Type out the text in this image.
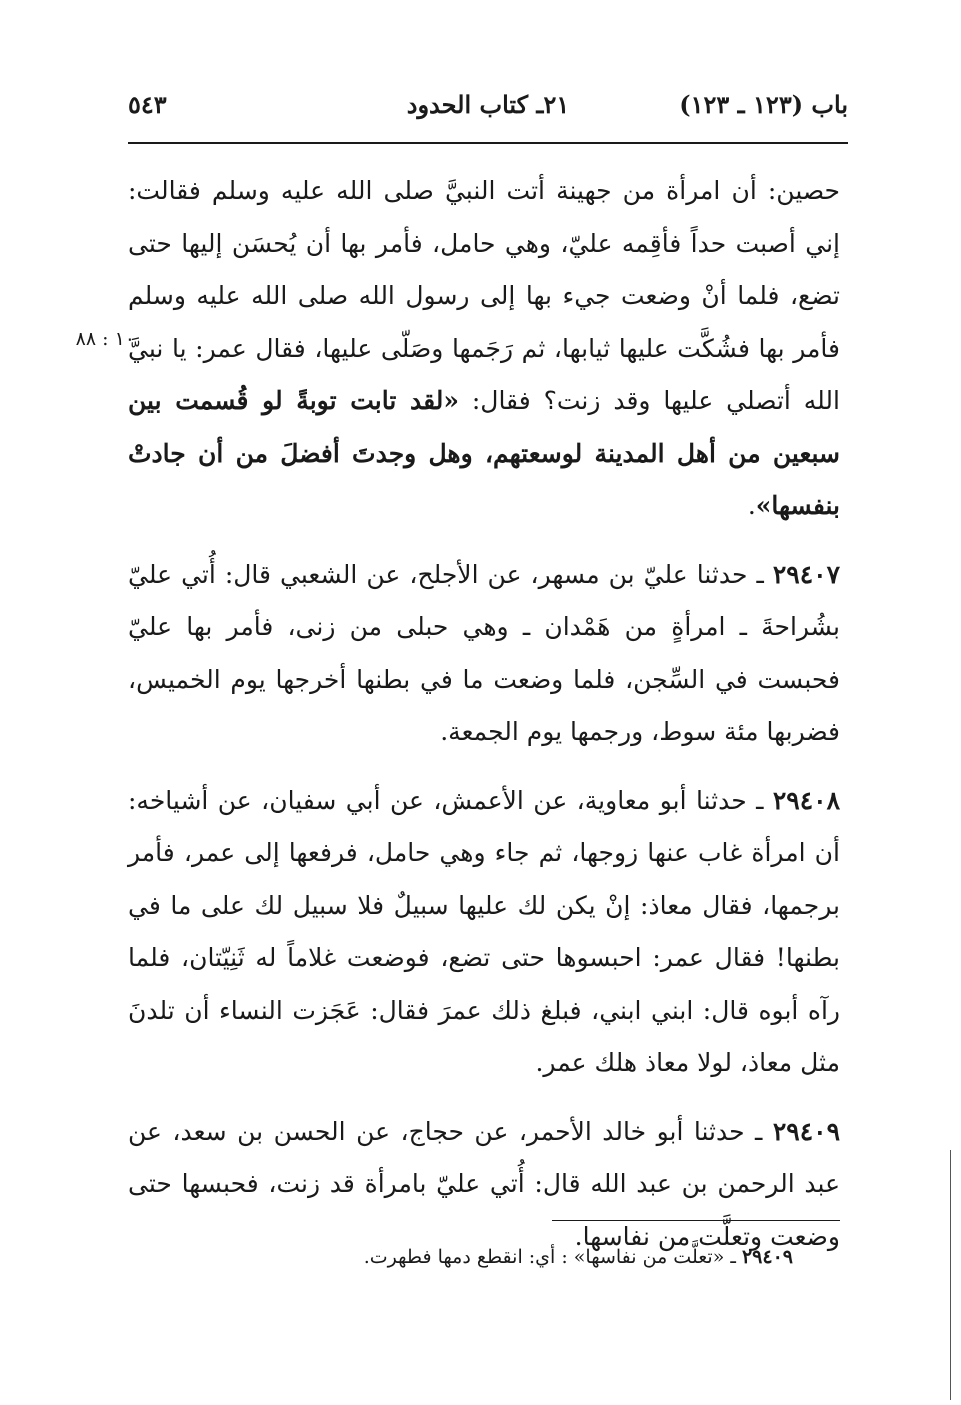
باب (١٢٣ ـ ١٢٣)
٢١ـ كتاب الحدود
٥٤٣
١٠ : ٨٨

حصين: أن امرأة من جهينة أتت النبيَّ صلى الله عليه وسلم فقالت: إني أصبت حداً فأقِمه عليّ، وهي حامل، فأمر بها أن يُحسَن إليها حتى تضع، فلما أنْ وضعت جيء بها إلى رسول الله صلى الله عليه وسلم فأمر بها فشُكَّت عليها ثيابها، ثم رَجَمها وصَلّى عليها، فقال عمر: يا نبيَّ الله أتصلي عليها وقد زنت؟ فقال: «لقد تابت توبةً لو قُسمت بين سبعين من أهل المدينة لوسعتهم، وهل وجدتَ أفضلَ من أن جادتْ بنفسها».

٢٩٤٠٧ ـ حدثنا عليّ بن مسهر، عن الأجلح، عن الشعبي قال: أُتي عليّ بشُراحةَ ـ امرأةٍ من هَمْدان ـ وهي حبلى من زنى، فأمر بها عليّ فحبست في السِّجن، فلما وضعت ما في بطنها أخرجها يوم الخميس، فضربها مئة سوط، ورجمها يوم الجمعة.

٢٩٤٠٨ ـ حدثنا أبو معاوية، عن الأعمش، عن أبي سفيان، عن أشياخه: أن امرأة غاب عنها زوجها، ثم جاء وهي حامل، فرفعها إلى عمر، فأمر برجمها، فقال معاذ: إنْ يكن لك عليها سبيلٌ فلا سبيل لك على ما في بطنها! فقال عمر: احبسوها حتى تضع، فوضعت غلاماً له ثَنِيّتان، فلما رآه أبوه قال: ابني ابني، فبلغ ذلك عمرَ فقال: عَجَزت النساء أن تلدنَ مثل معاذ، لولا معاذ هلك عمر.

٢٩٤٠٩ ـ حدثنا أبو خالد الأحمر، عن حجاج، عن الحسن بن سعد، عن عبد الرحمن بن عبد الله قال: أُتي عليّ بامرأة قد زنت، فحبسها حتى وضعت وتعلَّت من نفاسها.

٢٩٤٠٩ ـ «تعلَّت من نفاسها» : أي: انقطع دمها فطهرت.
